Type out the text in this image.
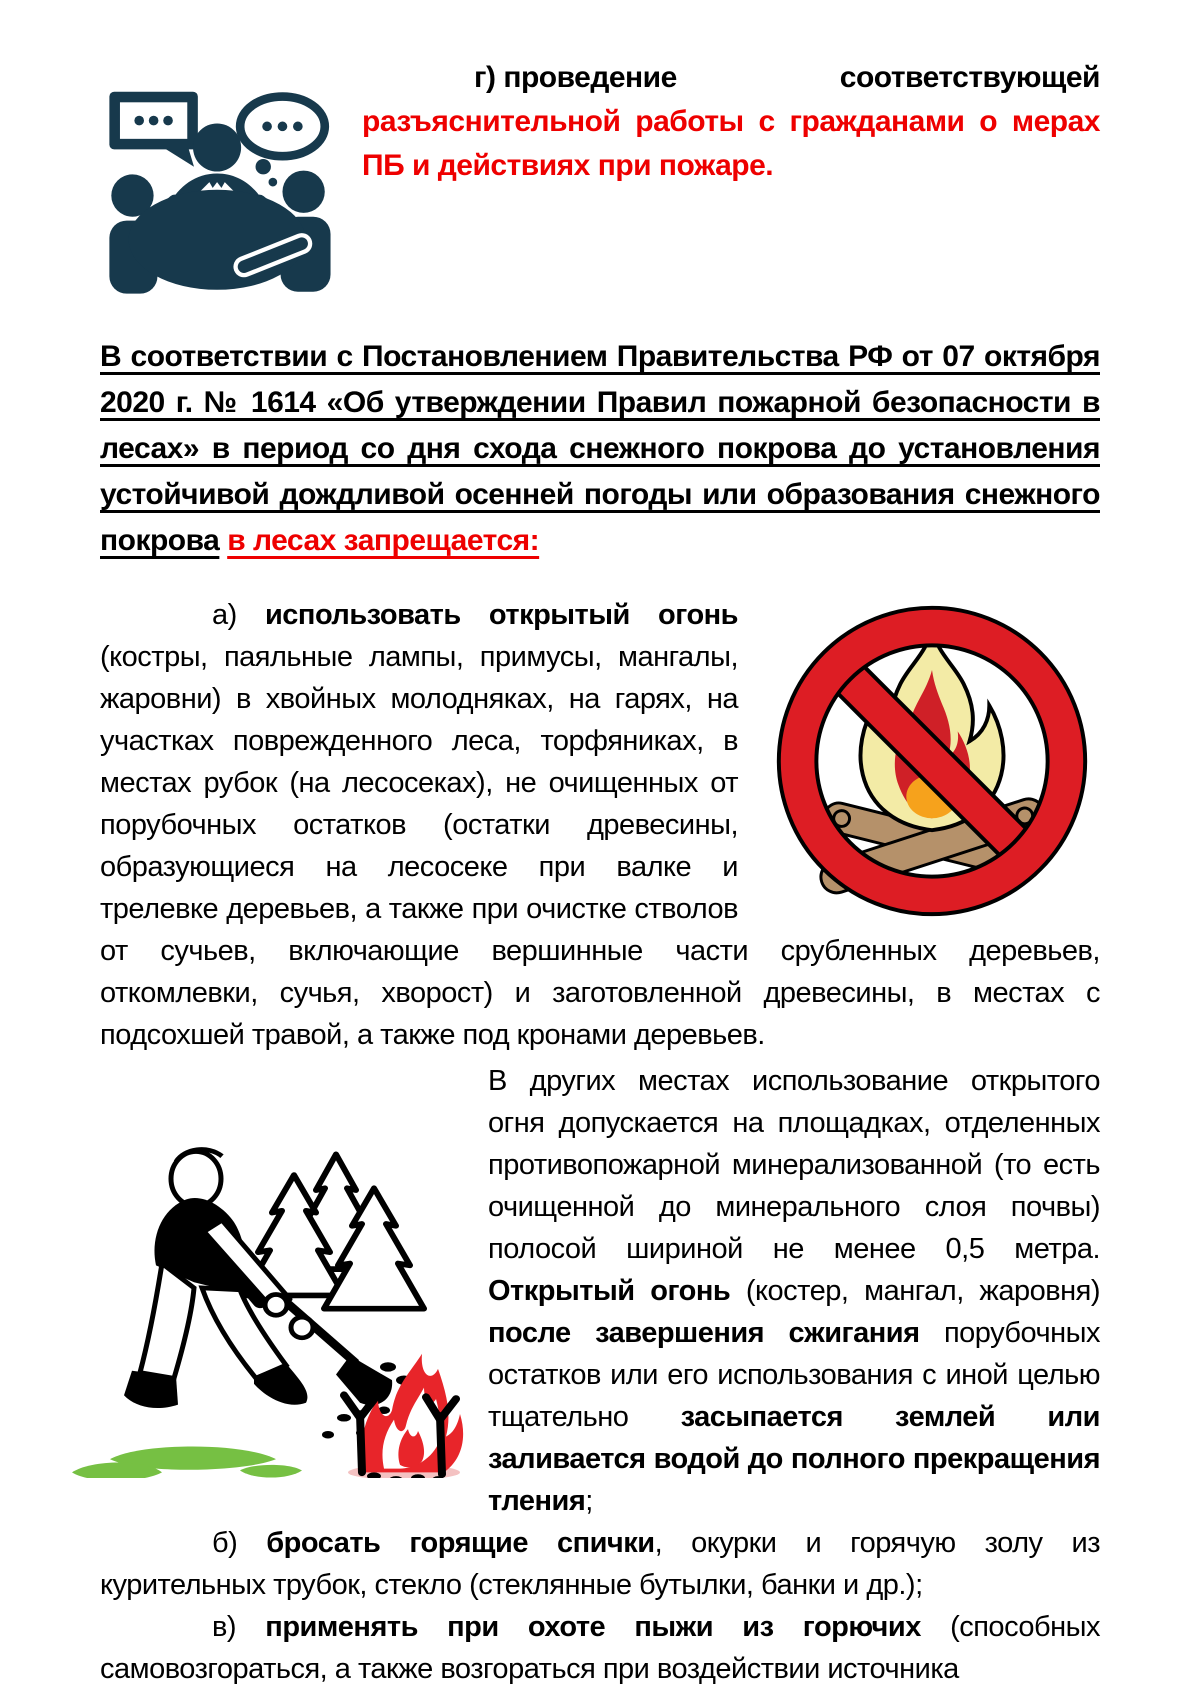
г) проведение	соответствующей

разъяснительной работы с гражданами о мерах ПБ и действиях при пожаре.

В соответствии с Постановлением Правительства РФ от 07 октября 2020 г. № 1614 «Об утверждении Правил пожарной безопасности в лесах» в период со дня схода снежного покрова до установления устойчивой дождливой осенней погоды или образования снежного покрова в лесах запрещается:

а) использовать открытый огонь (костры, паяльные лампы, примусы, мангалы, жаровни) в хвойных молодняках, на гарях, на участках поврежденного леса, торфяниках, в местах рубок (на лесосеках), не очищенных от порубочных остатков (остатки древесины, образующиеся на лесосеке при валке и трелевке деревьев, а также при очистке стволов от сучьев, включающие вершинные части срубленных деревьев, откомлевки, сучья, хворост) и заготовленной древесины, в местах с подсохшей травой, а также под кронами деревьев.

В других местах использование открытого огня допускается на площадках, отделенных противопожарной минерализованной (то есть очищенной до минерального слоя почвы) полосой шириной не менее 0,5 метра. Открытый огонь (костер, мангал, жаровня) после завершения сжигания порубочных остатков или его использования с иной целью тщательно засыпается землей или заливается водой до полного прекращения тления;

б) бросать горящие спички, окурки и горячую золу из курительных трубок, стекло (стеклянные бутылки, банки и др.);

в) применять при охоте пыжи из горючих (способных самовозгораться, а также возгораться при воздействии источника
